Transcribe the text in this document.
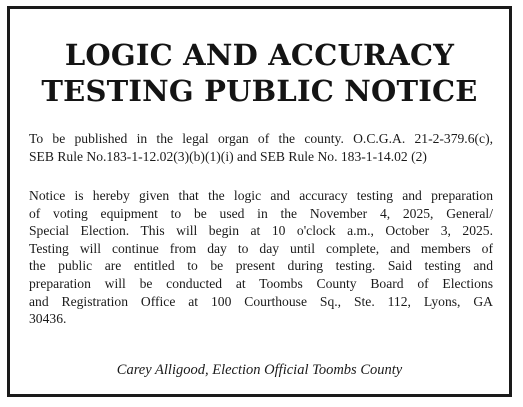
LOGIC AND ACCURACY
TESTING PUBLIC NOTICE
To be published in the legal organ of the county. O.C.G.A. 21-2-379.6(c),
SEB Rule No.183-1-12.02(3)(b)(1)(i) and SEB Rule No. 183-1-14.02 (2)
Notice is hereby given that the logic and accuracy testing and preparation
of voting equipment to be used in the November 4, 2025, General/
Special Election. This will begin at 10 o'clock a.m., October 3, 2025.
Testing will continue from day to day until complete, and members of
the public are entitled to be present during testing. Said testing and
preparation will be conducted at Toombs County Board of Elections
and Registration Office at 100 Courthouse Sq., Ste. 112, Lyons, GA
30436.
Carey Alligood, Election Official Toombs County
